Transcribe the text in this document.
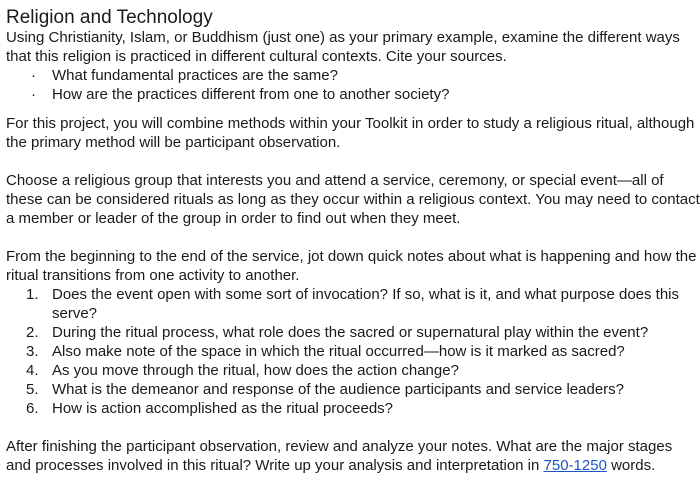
Religion and Technology

Using Christianity, Islam, or Buddhism (just one) as your primary example, examine the different ways that this religion is practiced in different cultural contexts. Cite your sources.

· What fundamental practices are the same?
· How are the practices different from one to another society?

For this project, you will combine methods within your Toolkit in order to study a religious ritual, although the primary method will be participant observation.

Choose a religious group that interests you and attend a service, ceremony, or special event—all of these can be considered rituals as long as they occur within a religious context. You may need to contact a member or leader of the group in order to find out when they meet.

From the beginning to the end of the service, jot down quick notes about what is happening and how the ritual transitions from one activity to another.

1. Does the event open with some sort of invocation? If so, what is it, and what purpose does this serve?
2. During the ritual process, what role does the sacred or supernatural play within the event?
3. Also make note of the space in which the ritual occurred—how is it marked as sacred?
4. As you move through the ritual, how does the action change?
5. What is the demeanor and response of the audience participants and service leaders?
6. How is action accomplished as the ritual proceeds?

After finishing the participant observation, review and analyze your notes. What are the major stages and processes involved in this ritual? Write up your analysis and interpretation in 750-1250 words.
